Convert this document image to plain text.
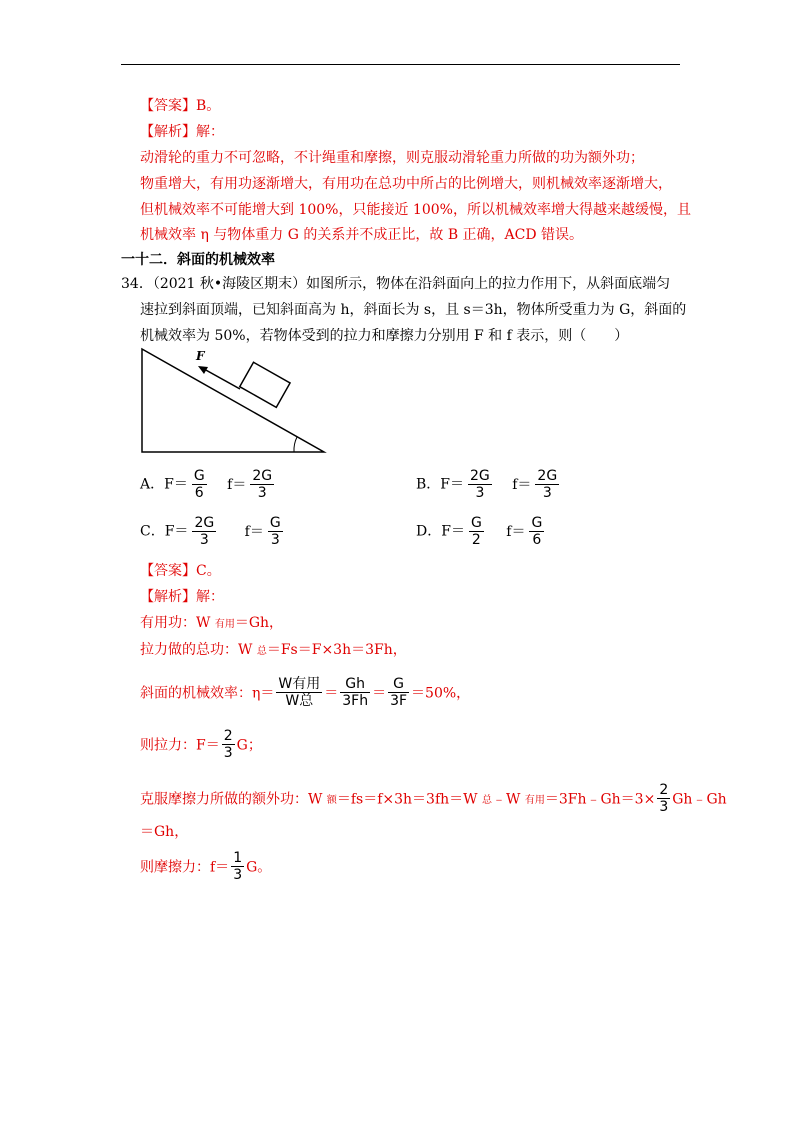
【答案】B。
【解析】解：
动滑轮的重力不可忽略，不计绳重和摩擦，则克服动滑轮重力所做的功为额外功；
物重增大，有用功逐渐增大，有用功在总功中所占的比例增大，则机械效率逐渐增大，
但机械效率不可能增大到 100%，只能接近 100%，所以机械效率增大得越来越缓慢，且
机械效率 η 与物体重力 G 的关系并不成正比，故 B 正确，ACD 错误。
一十二．斜面的机械效率
34．（2021 秋•海陵区期末）如图所示，物体在沿斜面向上的拉力作用下，从斜面底端匀
速拉到斜面顶端，已知斜面高为 h，斜面长为 s，且 s＝3h，物体所受重力为 G，斜面的
机械效率为 50%，若物体受到的拉力和摩擦力分别用 F 和 f 表示，则（　　）
F
A．$F= \frac{G}{6} f= \frac{2G}{3}$	B．$F= \frac{2G}{3} f= \frac{2G}{3}$
C．$F= \frac{2G}{3} f= \frac{G}{3}$	D．$F= \frac{G}{2} f= \frac{G}{6}$
【答案】C。
【解析】解：
有用功：W 有用＝Gh，
拉力做的总功：W 总＝Fs＝F×3h＝3Fh，
斜面的机械效率：$\eta= \frac{\text{W有用}}{\text{W总}} = \frac{Gh}{3Fh} = \frac{G}{3F} =50\%$，
则拉力：$F= \frac{2}{3}$ G；
克服摩擦力所做的额外功：W 额＝fs＝f×3h＝3fh＝W 总﹣W 有用＝3Fh﹣Gh＝3× $\frac{2}{3}$ Gh﹣Gh
＝Gh，
则摩擦力：$f= \frac{1}{3}$ G。
